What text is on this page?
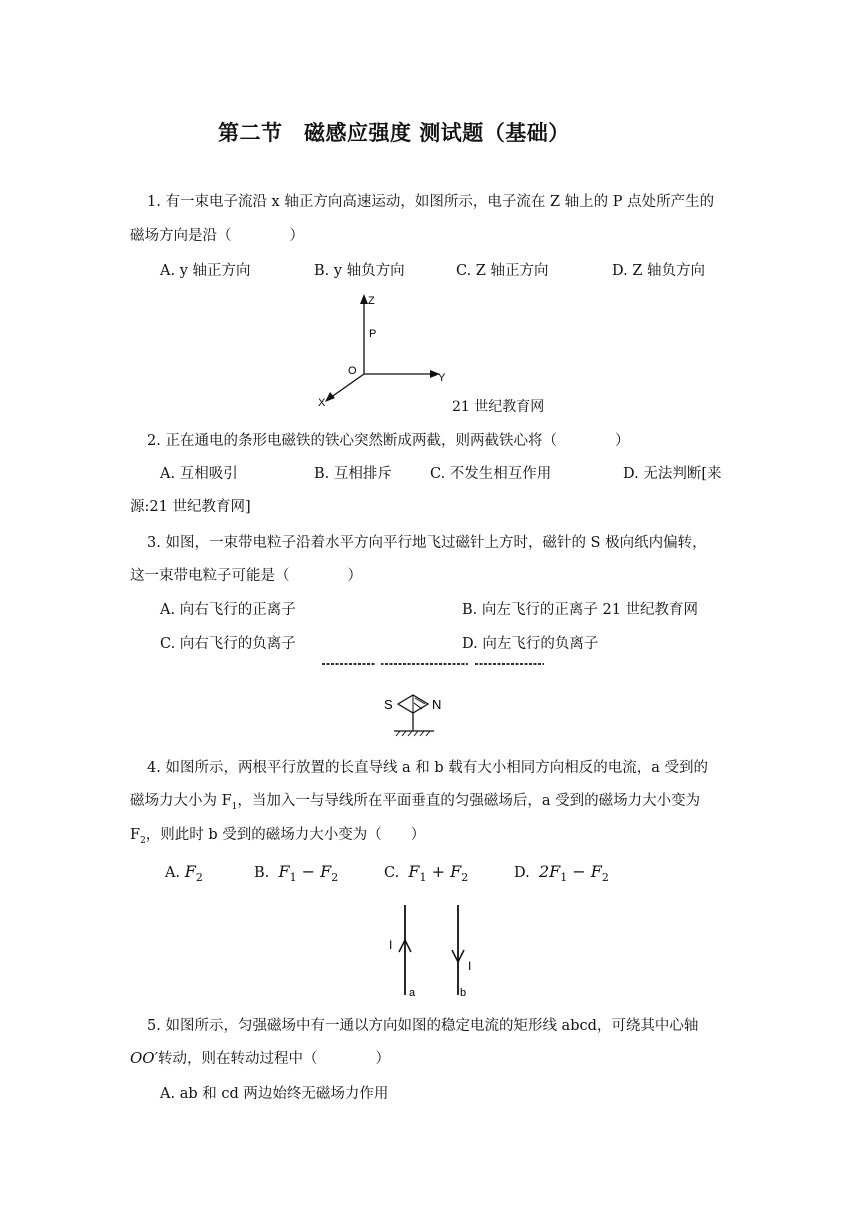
第二节　磁感应强度 测试题（基础）
1. 有一束电子流沿 x 轴正方向高速运动，如图所示，电子流在 Z 轴上的 P 点处所产生的
磁场方向是沿（　　　　）
A. y 轴正方向	B. y 轴负方向	C. Z 轴正方向	D. Z 轴负方向
Z
P
O
Y
X	21 世纪教育网
2. 正在通电的条形电磁铁的铁心突然断成两截，则两截铁心将（　　　　）
A. 互相吸引	B. 互相排斥	C. 不发生相互作用	D. 无法判断[来
源:21 世纪教育网]
3. 如图，一束带电粒子沿着水平方向平行地飞过磁针上方时，磁针的 S 极向纸内偏转，
这一束带电粒子可能是（　　　　）
A. 向右飞行的正离子	B. 向左飞行的正离子 21 世纪教育网
C. 向右飞行的负离子	D. 向左飞行的负离子
S	N
4. 如图所示，两根平行放置的长直导线 a 和 b 载有大小相同方向相反的电流，a 受到的
磁场力大小为 $F_1$，当加入一与导线所在平面垂直的匀强磁场后，a 受到的磁场力大小变为
$F_2$，则此时 b 受到的磁场力大小变为（　　）
A. $F_2$	B. $F_1 - F_2$	C. $F_1 + F_2$	D. $2F_1 - F_2$
I
I
a	b
5. 如图所示，匀强磁场中有一通以方向如图的稳定电流的矩形线 abcd，可绕其中心轴
OO′转动，则在转动过程中（　　　　）
A. ab 和 cd 两边始终无磁场力作用
